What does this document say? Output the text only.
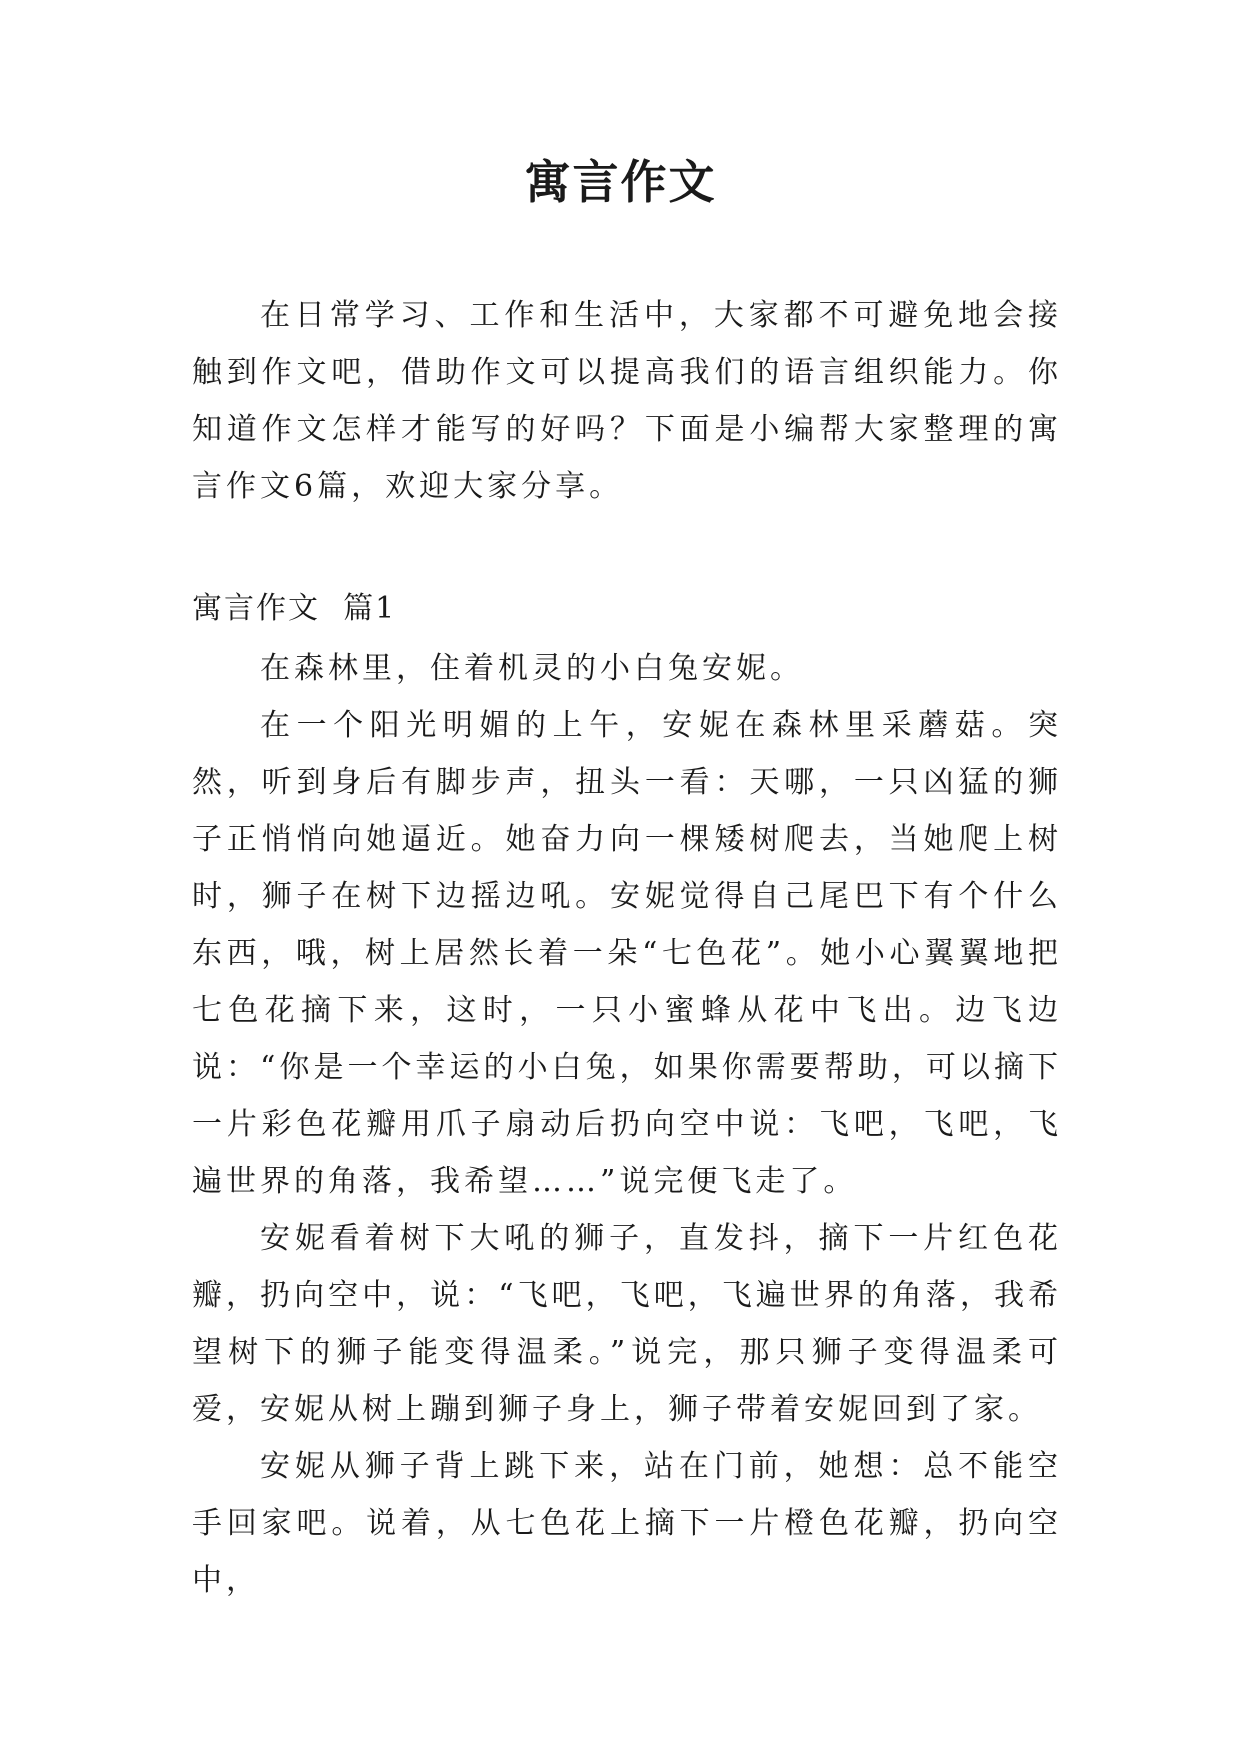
寓言作文

在日常学习、工作和生活中，大家都不可避免地会接触到作文吧，借助作文可以提高我们的语言组织能力。你知道作文怎样才能写的好吗？下面是小编帮大家整理的寓言作文6篇，欢迎大家分享。

寓言作文  篇1

在森林里，住着机灵的小白兔安妮。

在一个阳光明媚的上午，安妮在森林里采蘑菇。突然，听到身后有脚步声，扭头一看：天哪，一只凶猛的狮子正悄悄向她逼近。她奋力向一棵矮树爬去，当她爬上树时，狮子在树下边摇边吼。安妮觉得自己尾巴下有个什么东西，哦，树上居然长着一朵“七色花”。她小心翼翼地把七色花摘下来，这时，一只小蜜蜂从花中飞出。边飞边说：“你是一个幸运的小白兔，如果你需要帮助，可以摘下一片彩色花瓣用爪子扇动后扔向空中说：飞吧，飞吧，飞遍世界的角落，我希望……”说完便飞走了。

安妮看着树下大吼的狮子，直发抖，摘下一片红色花瓣，扔向空中，说：“飞吧，飞吧，飞遍世界的角落，我希望树下的狮子能变得温柔。”说完，那只狮子变得温柔可爱，安妮从树上蹦到狮子身上，狮子带着安妮回到了家。

安妮从狮子背上跳下来，站在门前，她想：总不能空手回家吧。说着，从七色花上摘下一片橙色花瓣，扔向空中，
